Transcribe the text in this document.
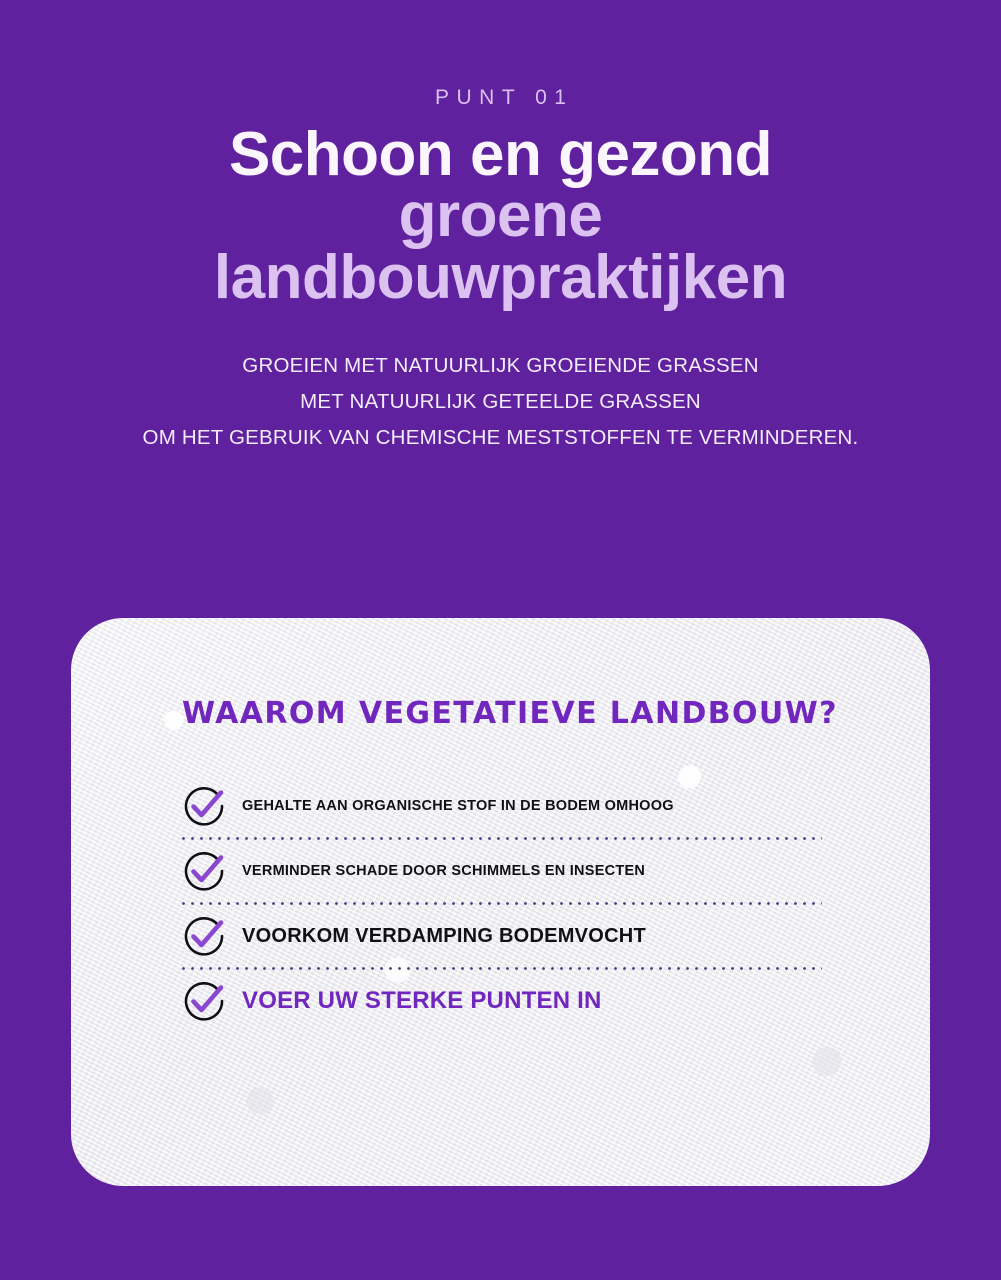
PUNT 01
Schoon en gezond
groene
landbouwpraktijken
GROEIEN MET NATUURLIJK GROEIENDE GRASSEN
MET NATUURLIJK GETEELDE GRASSEN
OM HET GEBRUIK VAN CHEMISCHE MESTSTOFFEN TE VERMINDEREN.
WAAROM VEGETATIEVE LANDBOUW?
GEHALTE AAN ORGANISCHE STOF IN DE BODEM OMHOOG
VERMINDER SCHADE DOOR SCHIMMELS EN INSECTEN
VOORKOM VERDAMPING BODEMVOCHT
VOER UW STERKE PUNTEN IN
